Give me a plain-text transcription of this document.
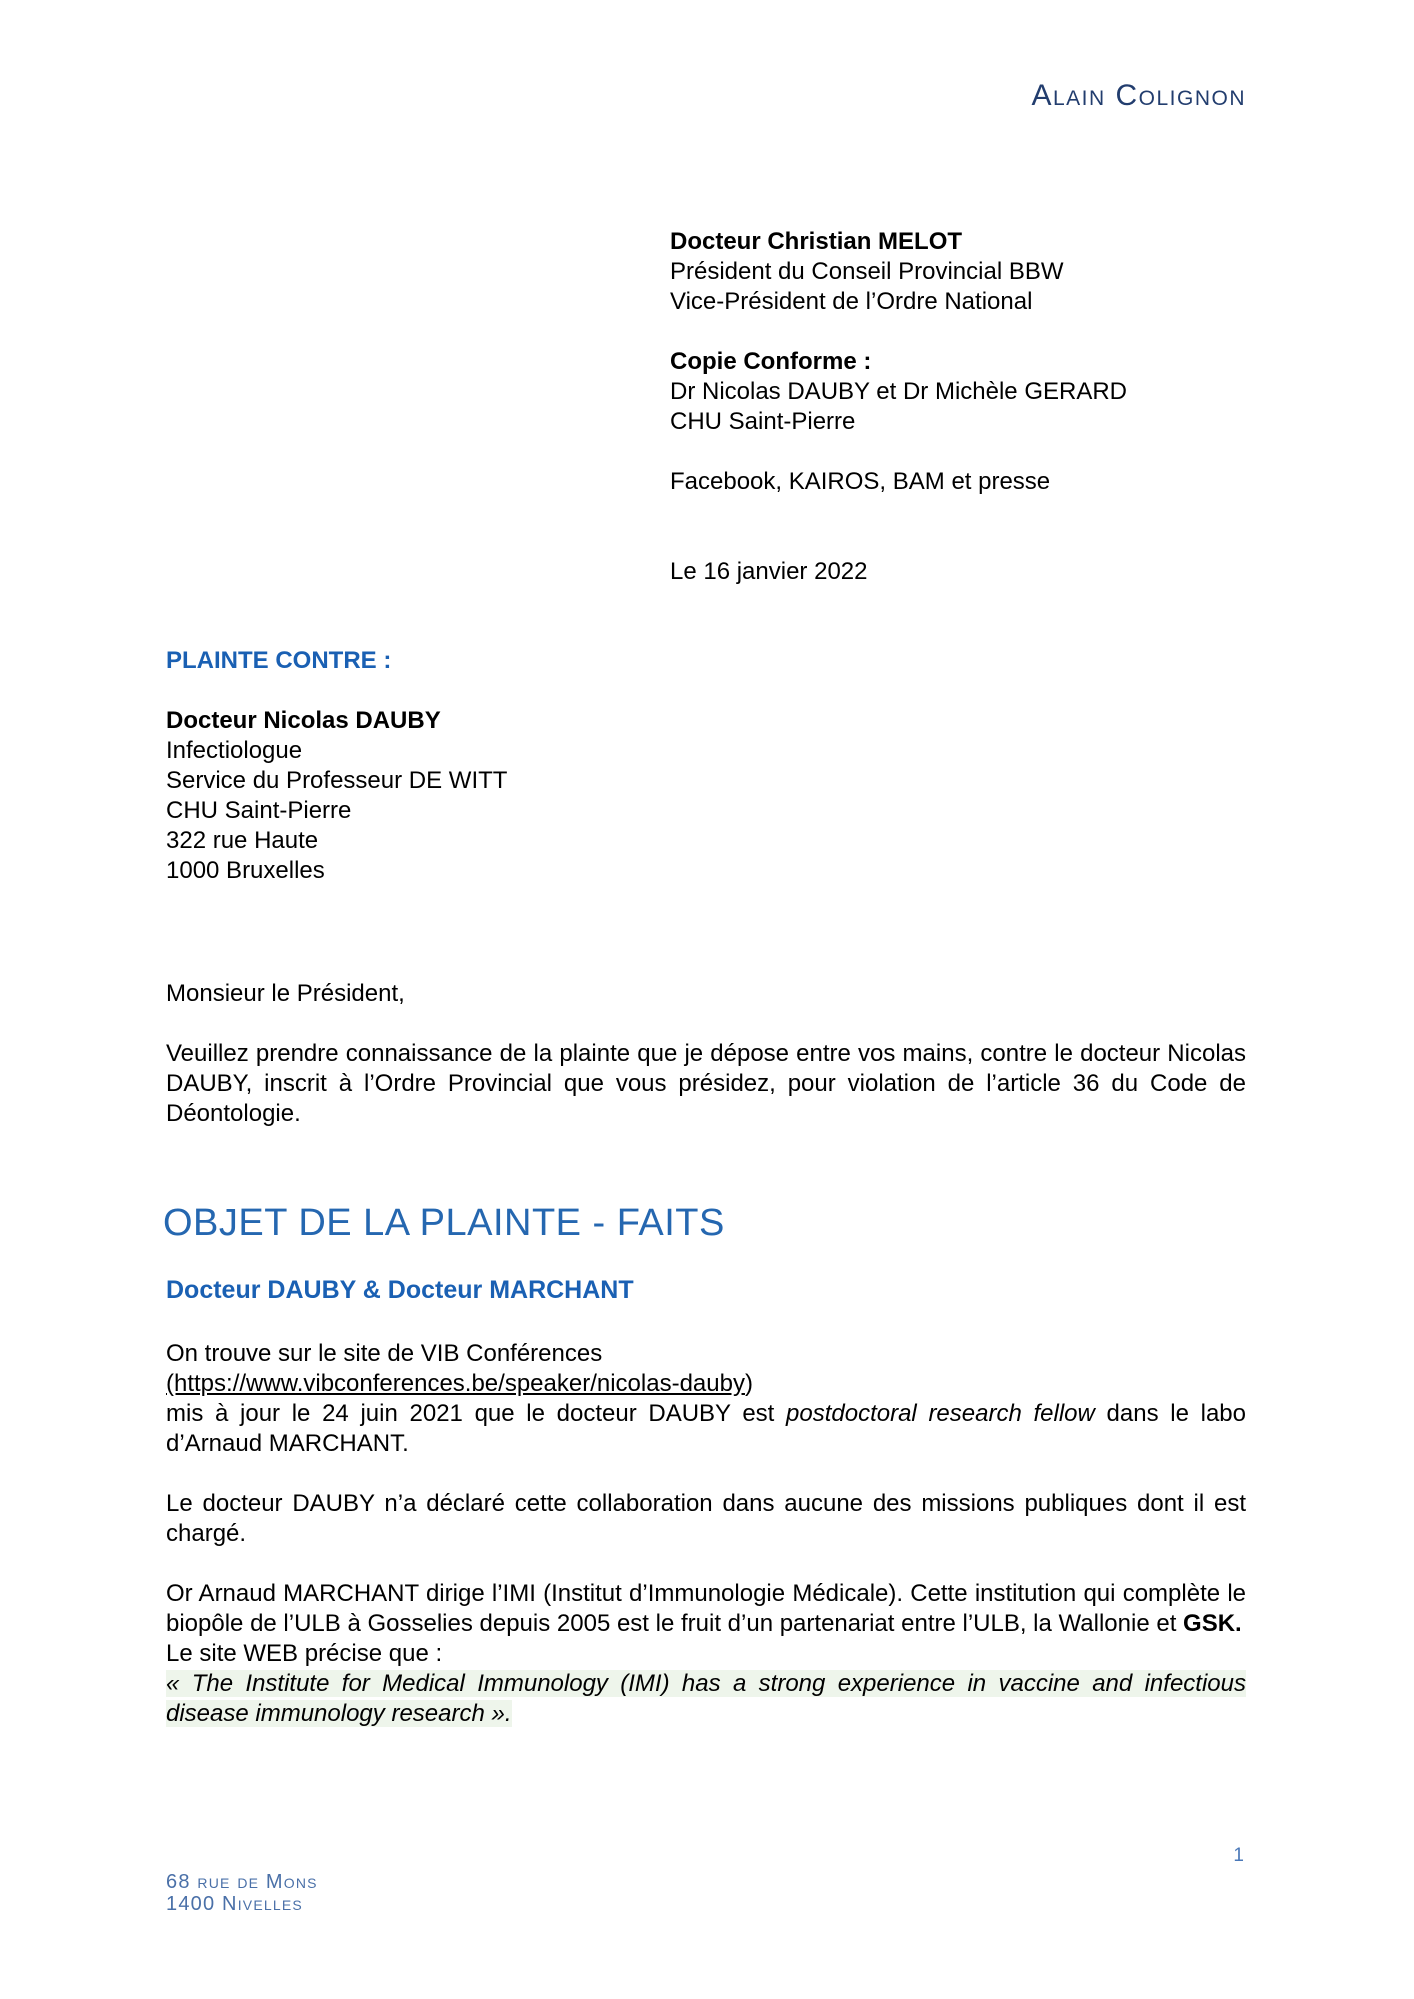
Alain Colignon
Docteur Christian MELOT
Président du Conseil Provincial BBW
Vice-Président de l’Ordre National
Copie Conforme :
Dr Nicolas DAUBY et Dr Michèle GERARD
CHU Saint-Pierre
Facebook, KAIROS, BAM et presse
Le 16 janvier 2022
PLAINTE CONTRE :
Docteur Nicolas DAUBY
Infectiologue
Service du Professeur DE WITT
CHU Saint-Pierre
322 rue Haute
1000 Bruxelles
Monsieur le Président,
Veuillez prendre connaissance de la plainte que je dépose entre vos mains, contre le docteur Nicolas DAUBY, inscrit à l’Ordre Provincial que vous présidez, pour violation de l’article 36 du Code de Déontologie.
OBJET DE LA PLAINTE - FAITS
Docteur DAUBY & Docteur MARCHANT
On trouve sur le site de VIB Conférences
(https://www.vibconferences.be/speaker/nicolas-dauby)
mis à jour le 24 juin 2021 que le docteur DAUBY est postdoctoral research fellow dans le labo d’Arnaud MARCHANT.
Le docteur DAUBY n’a déclaré cette collaboration dans aucune des missions publiques dont il est chargé.
Or Arnaud MARCHANT dirige l’IMI (Institut d’Immunologie Médicale). Cette institution qui complète le biopôle de l’ULB à Gosselies depuis 2005 est le fruit d’un partenariat entre l’ULB, la Wallonie et GSK.
Le site WEB précise que :
« The Institute for Medical Immunology (IMI) has a strong experience in vaccine and infectious disease immunology research ».
68 rue de Mons
1400 Nivelles
1
